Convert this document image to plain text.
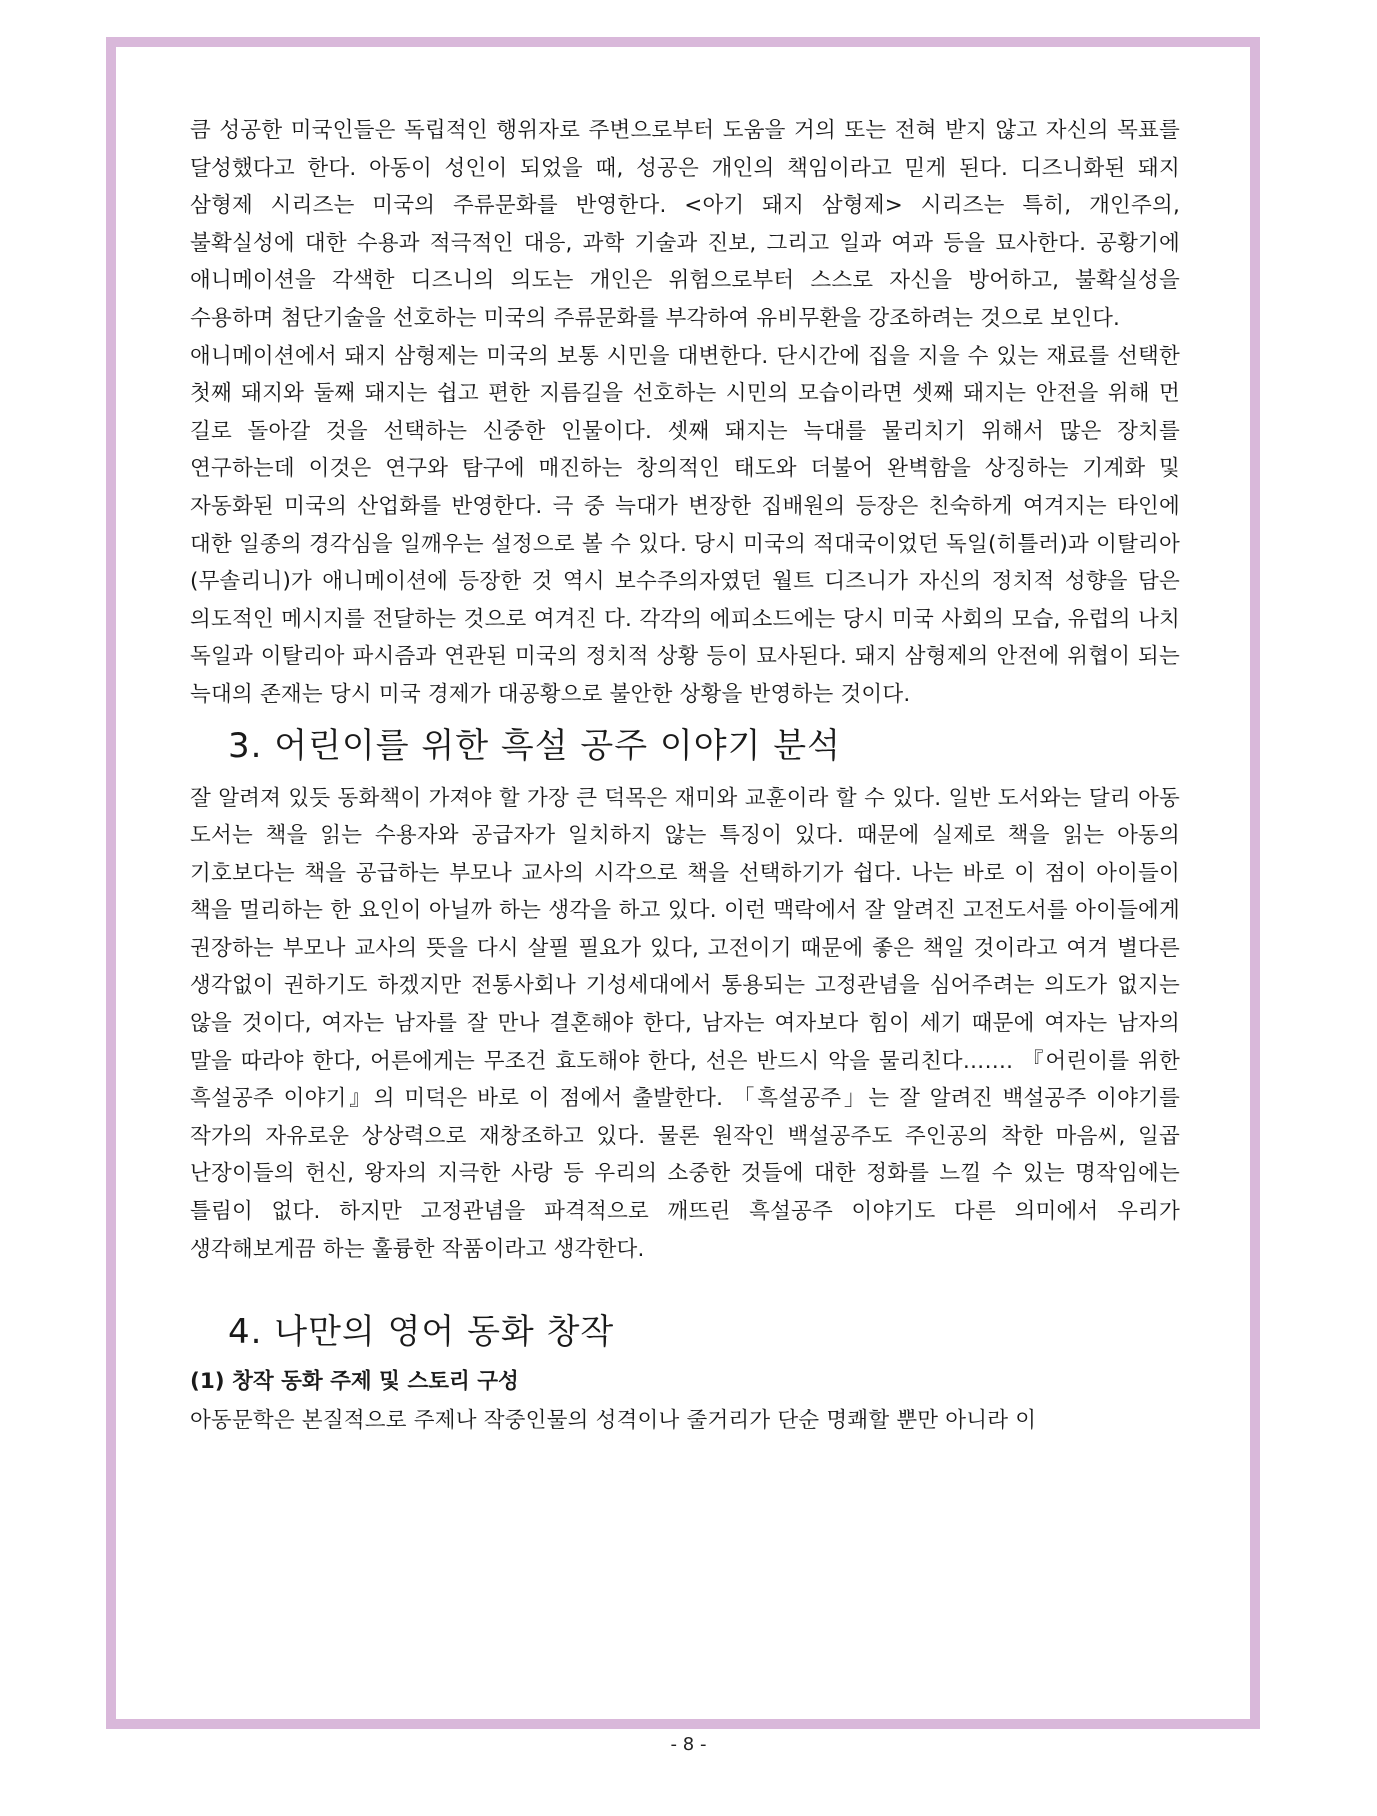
큼 성공한 미국인들은 독립적인 행위자로 주변으로부터 도움을 거의 또는 전혀 받지 않고 자신의 목표를 달성했다고 한다. 아동이 성인이 되었을 때, 성공은 개인의 책임이라고 믿게 된다. 디즈니화된 돼지 삼형제 시리즈는 미국의 주류문화를 반영한다. <아기 돼지 삼형제> 시리즈는 특히, 개인주의, 불확실성에 대한 수용과 적극적인 대응, 과학 기술과 진보, 그리고 일과 여과 등을 묘사한다. 공황기에 애니메이션을 각색한 디즈니의 의도는 개인은 위험으로부터 스스로 자신을 방어하고, 불확실성을 수용하며 첨단기술을 선호하는 미국의 주류문화를 부각하여 유비무환을 강조하려는 것으로 보인다.

애니메이션에서 돼지 삼형제는 미국의 보통 시민을 대변한다. 단시간에 집을 지을 수 있는 재료를 선택한 첫째 돼지와 둘째 돼지는 쉽고 편한 지름길을 선호하는 시민의 모습이라면 셋째 돼지는 안전을 위해 먼 길로 돌아갈 것을 선택하는 신중한 인물이다. 셋째 돼지는 늑대를 물리치기 위해서 많은 장치를 연구하는데 이것은 연구와 탐구에 매진하는 창의적인 태도와 더불어 완벽함을 상징하는 기계화 및 자동화된 미국의 산업화를 반영한다. 극 중 늑대가 변장한 집배원의 등장은 친숙하게 여겨지는 타인에 대한 일종의 경각심을 일깨우는 설정으로 볼 수 있다. 당시 미국의 적대국이었던 독일(히틀러)과 이탈리아(무솔리니)가 애니메이션에 등장한 것 역시 보수주의자였던 월트 디즈니가 자신의 정치적 성향을 담은 의도적인 메시지를 전달하는 것으로 여겨진 다. 각각의 에피소드에는 당시 미국 사회의 모습, 유럽의 나치 독일과 이탈리아 파시즘과 연관된 미국의 정치적 상황 등이 묘사된다. 돼지 삼형제의 안전에 위협이 되는 늑대의 존재는 당시 미국 경제가 대공황으로 불안한 상황을 반영하는 것이다.

3. 어린이를 위한 흑설 공주 이야기 분석

잘 알려져 있듯 동화책이 가져야 할 가장 큰 덕목은 재미와 교훈이라 할 수 있다. 일반 도서와는 달리 아동 도서는 책을 읽는 수용자와 공급자가 일치하지 않는 특징이 있다. 때문에 실제로 책을 읽는 아동의 기호보다는 책을 공급하는 부모나 교사의 시각으로 책을 선택하기가 쉽다. 나는 바로 이 점이 아이들이 책을 멀리하는 한 요인이 아닐까 하는 생각을 하고 있다. 이런 맥락에서 잘 알려진 고전도서를 아이들에게 권장하는 부모나 교사의 뜻을 다시 살필 필요가 있다, 고전이기 때문에 좋은 책일 것이라고 여겨 별다른 생각없이 권하기도 하겠지만 전통사회나 기성세대에서 통용되는 고정관념을 심어주려는 의도가 없지는 않을 것이다, 여자는 남자를 잘 만나 결혼해야 한다, 남자는 여자보다 힘이 세기 때문에 여자는 남자의 말을 따라야 한다, 어른에게는 무조건 효도해야 한다, 선은 반드시 악을 물리친다……. 『어린이를 위한 흑설공주 이야기』의 미덕은 바로 이 점에서 출발한다. 「흑설공주」는 잘 알려진 백설공주 이야기를 작가의 자유로운 상상력으로 재창조하고 있다. 물론 원작인 백설공주도 주인공의 착한 마음씨, 일곱 난장이들의 헌신, 왕자의 지극한 사랑 등 우리의 소중한 것들에 대한 정화를 느낄 수 있는 명작임에는 틀림이 없다. 하지만 고정관념을 파격적으로 깨뜨린 흑설공주 이야기도 다른 의미에서 우리가 생각해보게끔 하는 훌륭한 작품이라고 생각한다.

4. 나만의 영어 동화 창작

(1) 창작 동화 주제 및 스토리 구성

아동문학은 본질적으로 주제나 작중인물의 성격이나 줄거리가 단순 명쾌할 뿐만 아니라 이

- 8 -
